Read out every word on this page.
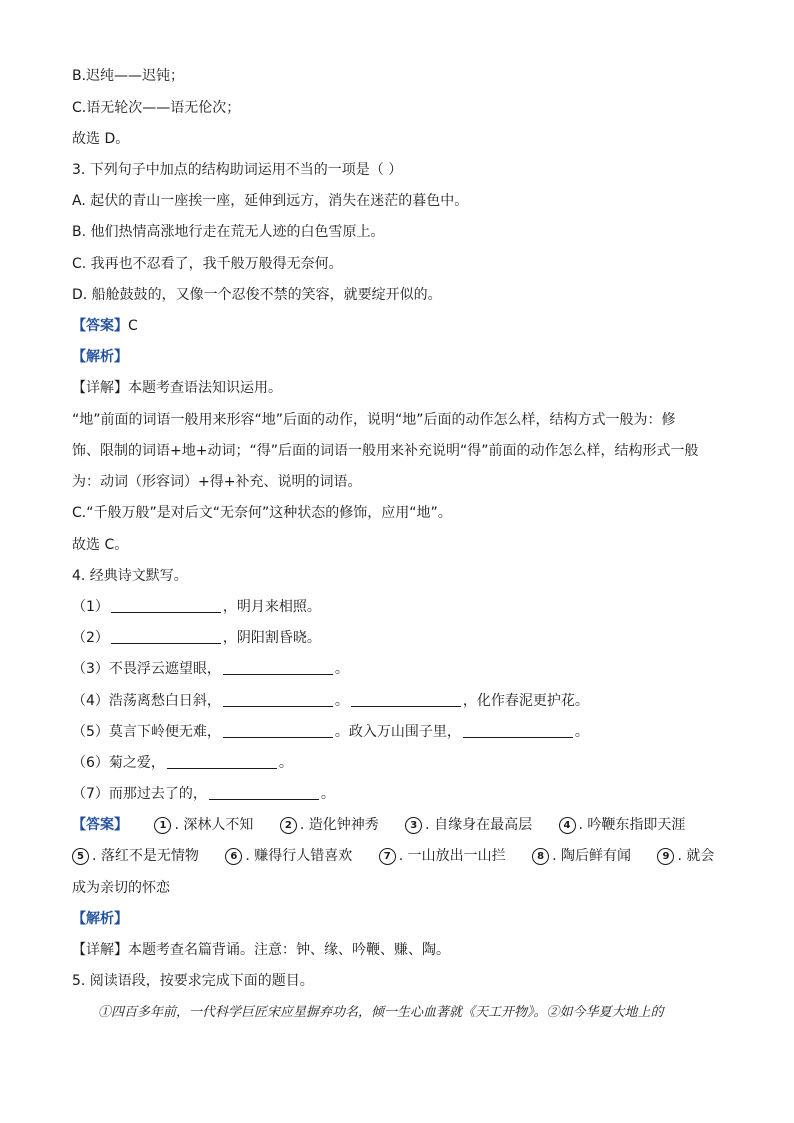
B.迟纯——迟钝；
C.语无轮次——语无伦次；
故选 D。
3. 下列句子中加点的结构助词运用不当的一项是（ ）
A. 起伏的青山一座挨一座，延伸到远方，消失在迷茫的暮色中。
B. 他们热情高涨地行走在荒无人迹的白色雪原上。
C. 我再也不忍看了，我千般万般得无奈何。
D. 船舱鼓鼓的，又像一个忍俊不禁的笑容，就要绽开似的。
【答案】C
【解析】
【详解】本题考查语法知识运用。
“地”前面的词语一般用来形容“地”后面的动作，说明“地”后面的动作怎么样，结构方式一般为：修
饰、限制的词语+地+动词；“得”后面的词语一般用来补充说明“得”前面的动作怎么样，结构形式一般
为：动词（形容词）+得+补充、说明的词语。
C.“千般万般”是对后文“无奈何”这种状态的修饰，应用“地”。
故选 C。
4. 经典诗文默写。
（1）	，明月来相照。
（2）	，阴阳割昏晓。
（3）不畏浮云遮望眼，	。
（4）浩荡离愁白日斜，	。	，化作春泥更护花。
（5）莫言下岭便无难，	。政入万山围子里，	。
（6）菊之爱，	。
（7）而那过去了的，	。
【答案】	1 . 深林人不知	2 . 造化钟神秀	3 . 自缘身在最高层	4 . 吟鞭东指即天涯
5 . 落红不是无情物	6 . 赚得行人错喜欢	7 . 一山放出一山拦	8 . 陶后鲜有闻	9 . 就会
成为亲切的怀恋
【解析】
【详解】本题考查名篇背诵。注意：钟、缘、吟鞭、赚、陶。
5. 阅读语段，按要求完成下面的题目。
①四百多年前，一代科学巨匠宋应星摒弃功名，倾一生心血著就《天工开物》。②如今华夏大地上的
